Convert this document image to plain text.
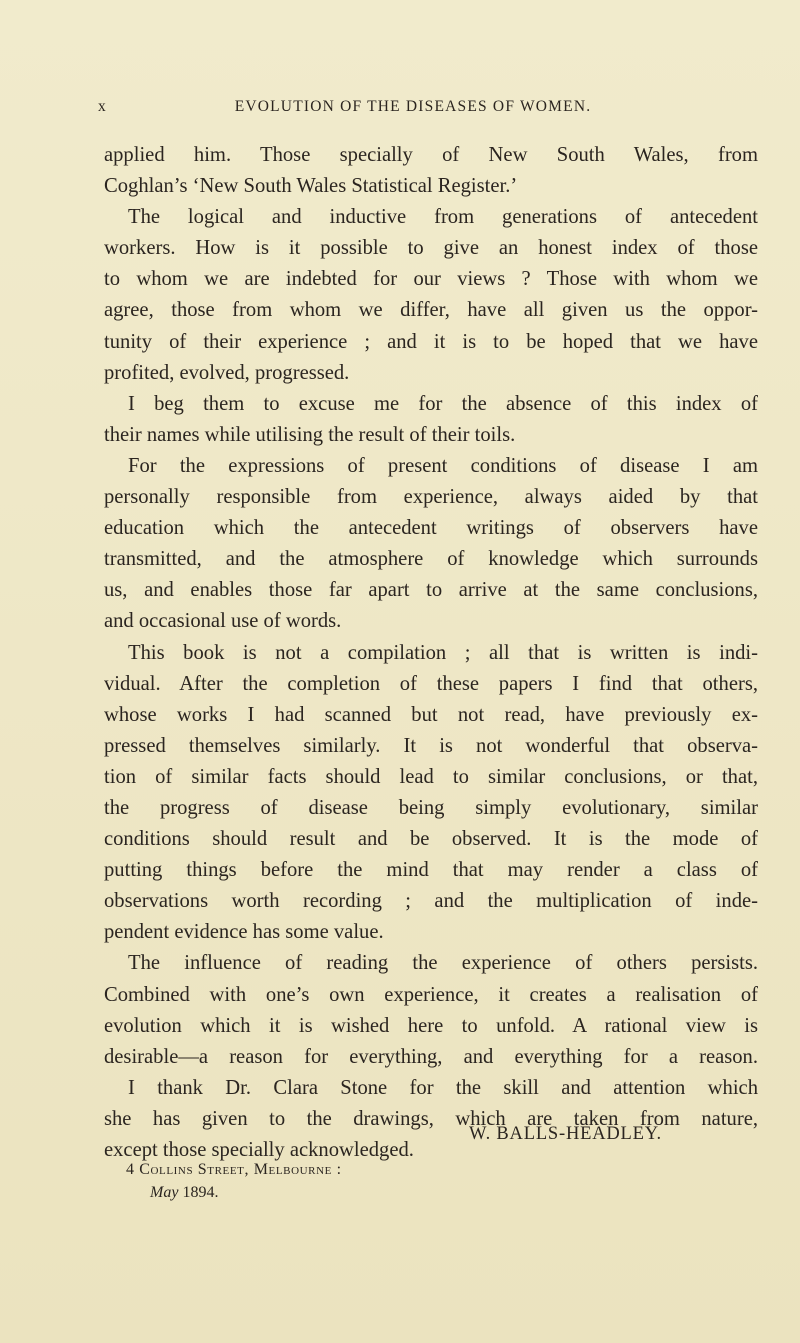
x	EVOLUTION OF THE DISEASES OF WOMEN.
applied him. Those specially of New South Wales, from
Coghlan’s ‘New South Wales Statistical Register.’
The logical and inductive from generations of antecedent
workers. How is it possible to give an honest index of those
to whom we are indebted for our views ? Those with whom we
agree, those from whom we differ, have all given us the oppor-
tunity of their experience ; and it is to be hoped that we have
profited, evolved, progressed.
I beg them to excuse me for the absence of this index of
their names while utilising the result of their toils.
For the expressions of present conditions of disease I am
personally responsible from experience, always aided by that
education which the antecedent writings of observers have
transmitted, and the atmosphere of knowledge which surrounds
us, and enables those far apart to arrive at the same conclusions,
and occasional use of words.
This book is not a compilation ; all that is written is indi-
vidual. After the completion of these papers I find that others,
whose works I had scanned but not read, have previously ex-
pressed themselves similarly. It is not wonderful that observa-
tion of similar facts should lead to similar conclusions, or that,
the progress of disease being simply evolutionary, similar
conditions should result and be observed. It is the mode of
putting things before the mind that may render a class of
observations worth recording ; and the multiplication of inde-
pendent evidence has some value.
The influence of reading the experience of others persists.
Combined with one’s own experience, it creates a realisation of
evolution which it is wished here to unfold. A rational view is
desirable—a reason for everything, and everything for a reason.
I thank Dr. Clara Stone for the skill and attention which
she has given to the drawings, which are taken from nature,
except those specially acknowledged.
W. BALLS-HEADLEY.
4 Collins Street, Melbourne :
May 1894.
